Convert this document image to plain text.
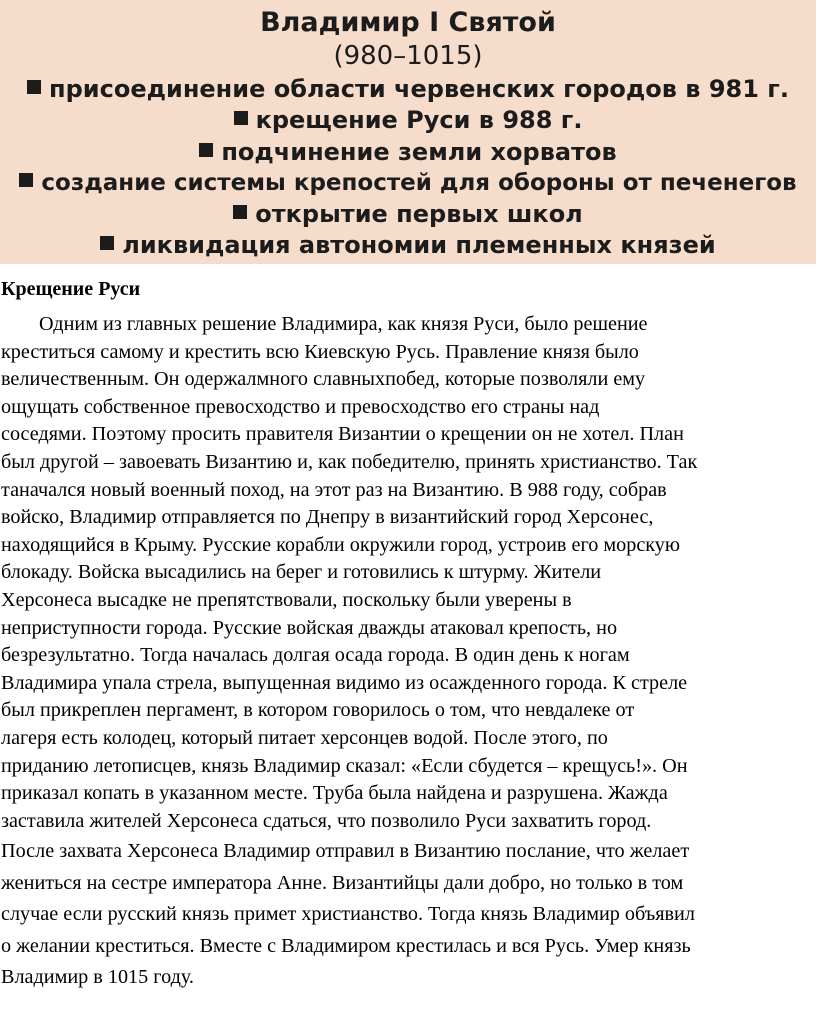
Владимир I Святой
(980–1015)
присоединение области червенских городов в 981 г.
крещение Руси в 988 г.
подчинение земли хорватов
создание системы крепостей для обороны от печенегов
открытие первых школ
ликвидация автономии племенных князей
Крещение Руси
Одним из главных решение Владимира, как князя Руси, было решение
креститься самому и крестить всю Киевскую Русь. Правление князя было
величественным. Он одержалмного славныхпобед, которые позволяли ему
ощущать собственное превосходство и превосходство его страны над
соседями. Поэтому просить правителя Византии о крещении он не хотел. План
был другой – завоевать Византию и, как победителю, принять христианство. Так
таначался новый военный поход, на этот раз на Византию. В 988 году, собрав
войско, Владимир отправляется по Днепру в византийский город Херсонес,
находящийся в Крыму. Русские корабли окружили город, устроив его морскую
блокаду. Войска высадились на берег и готовились к штурму. Жители
Херсонеса высадке не препятствовали, поскольку были уверены в
неприступности города. Русские войская дважды атаковал крепость, но
безрезультатно. Тогда началась долгая осада города. В один день к ногам
Владимира упала стрела, выпущенная видимо из осажденного города. К стреле
был прикреплен пергамент, в котором говорилось о том, что невдалеке от
лагеря есть колодец, который питает херсонцев водой. После этого, по
приданию летописцев, князь Владимир сказал: «Если сбудется – крещусь!». Он
приказал копать в указанном месте. Труба была найдена и разрушена. Жажда
заставила жителей Херсонеса сдаться, что позволило Руси захватить город.
После захвата Херсонеса Владимир отправил в Византию послание, что желает
жениться на сестре императора Анне. Византийцы дали добро, но только в том
случае если русский князь примет христианство. Тогда князь Владимир объявил
о желании креститься. Вместе с Владимиром крестилась и вся Русь. Умер князь
Владимир в 1015 году.
